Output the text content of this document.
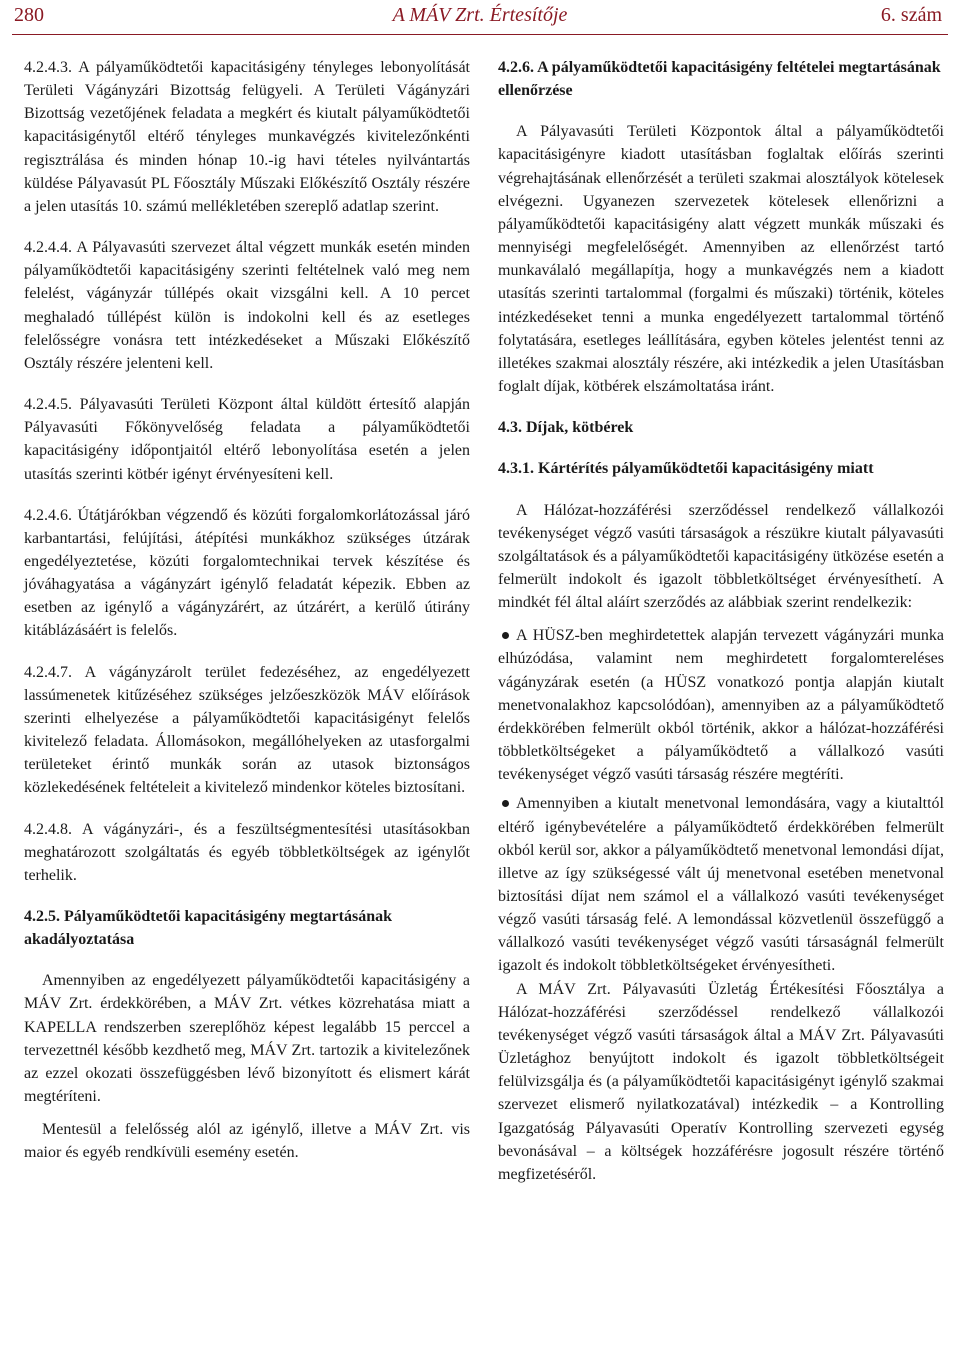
280	A MÁV Zrt. Értesítője	6. szám

4.2.4.3. A pályaműködtetői kapacitásigény tényleges lebonyolítását Területi Vágányzári Bizottság felügyeli. A Területi Vágányzári Bizottság vezetőjének feladata a megkért és kiutalt pályaműködtetői kapacitásigénytől eltérő tényleges munkavégzés kivitelezőnkénti regisztrálása és minden hónap 10.-ig havi tételes nyilvántartás küldése Pályavasút PL Főosztály Műszaki Előkészítő Osztály részére a jelen utasítás 10. számú mellékletében szereplő adatlap szerint.

4.2.4.4. A Pályavasúti szervezet által végzett munkák esetén minden pályaműködtetői kapacitásigény szerinti feltételnek való meg nem felelést, vágányzár túllépés okait vizsgálni kell. A 10 percet meghaladó túllépést külön is indokolni kell és az esetleges felelősségre vonásra tett intézkedéseket a Műszaki Előkészítő Osztály részére jelenteni kell.

4.2.4.5. Pályavasúti Területi Központ által küldött értesítő alapján Pályavasúti Főkönyvelőség feladata a pályaműködtetői kapacitásigény időpontjaitól eltérő lebonyolítása esetén a jelen utasítás szerinti kötbér igényt érvényesíteni kell.

4.2.4.6. Útátjárókban végzendő és közúti forgalomkorlátozással járó karbantartási, felújítási, átépítési munkákhoz szükséges útzárak engedélyeztetése, közúti forgalomtechnikai tervek készítése és jóváhagyatása a vágányzárt igénylő feladatát képezik. Ebben az esetben az igénylő a vágányzárért, az útzárért, a kerülő útirány kitáblázásáért is felelős.

4.2.4.7. A vágányzárolt terület fedezéséhez, az engedélyezett lassúmenetek kitűzéséhez szükséges jelzőeszközök MÁV előírások szerinti elhelyezése a pályaműködtetői kapacitásigényt felelős kivitelező feladata. Állomásokon, megállóhelyeken az utasforgalmi területeket érintő munkák során az utasok biztonságos közlekedésének feltételeit a kivitelező mindenkor köteles biztosítani.

4.2.4.8. A vágányzári-, és a feszültségmentesítési utasításokban meghatározott szolgáltatás és egyéb többletköltségek az igénylőt terhelik.

4.2.5. Pályaműködtetői kapacitásigény megtartásának akadályoztatása

Amennyiben az engedélyezett pályaműködtetői kapacitásigény a MÁV Zrt. érdekkörében, a MÁV Zrt. vétkes közrehatása miatt a KAPELLA rendszerben szereplőhöz képest legalább 15 perccel a tervezettnél később kezdhető meg, MÁV Zrt. tartozik a kivitelezőnek az ezzel okozati összefüggésben lévő bizonyított és elismert kárát megtéríteni.

Mentesül a felelősség alól az igénylő, illetve a MÁV Zrt. vis maior és egyéb rendkívüli esemény esetén.

4.2.6. A pályaműködtetői kapacitásigény feltételei megtartásának ellenőrzése

A Pályavasúti Területi Központok által a pályaműködtetői kapacitásigényre kiadott utasításban foglaltak előírás szerinti végrehajtásának ellenőrzését a területi szakmai alosztályok kötelesek elvégezni. Ugyanezen szervezetek kötelesek ellenőrizni a pályaműködtetői kapacitásigény alatt végzett munkák műszaki és mennyiségi megfelelőségét. Amennyiben az ellenőrzést tartó munkaválaló megállapítja, hogy a munkavégzés nem a kiadott utasítás szerinti tartalommal (forgalmi és műszaki) történik, köteles intézkedéseket tenni a munka engedélyezett tartalommal történő folytatására, esetleges leállítására, egyben köteles jelentést tenni az illetékes szakmai alosztály részére, aki intézkedik a jelen Utasításban foglalt díjak, kötbérek elszámoltatása iránt.

4.3. Díjak, kötbérek

4.3.1. Kártérítés pályaműködtetői kapacitásigény miatt

A Hálózat-hozzáférési szerződéssel rendelkező vállalkozói tevékenységet végző vasúti társaságok a részükre kiutalt pályavasúti szolgáltatások és a pályaműködtetői kapacitásigény ütközése esetén a felmerült indokolt és igazolt többletköltséget érvényesíthetí. A mindkét fél által aláírt szerződés az alábbiak szerint rendelkezik:

A HÜSZ-ben meghirdetettek alapján tervezett vágányzári munka elhúzódása, valamint nem meghirdetett forgalomtereléses vágányzárak esetén (a HÜSZ vonatkozó pontja alapján kiutalt menetvonalakhoz kapcsolódóan), amennyiben az a pályaműködtető érdekkörében felmerült okból történik, akkor a hálózat-hozzáférési többletköltségeket a pályaműködtető a vállalkozó vasúti tevékenységet végző vasúti társaság részére megtéríti.
Amennyiben a kiutalt menetvonal lemondására, vagy a kiutalttól eltérő igénybevételére a pályaműködtető érdekkörében felmerült okból kerül sor, akkor a pályaműködtető menetvonal lemondási díjat, illetve az így szükségessé vált új menetvonal esetében menetvonal biztosítási díjat nem számol el a vállalkozó vasúti tevékenységet végző vasúti társaság felé. A lemondással közvetlenül összefüggő a vállalkozó vasúti tevékenységet végző vasúti társaságnál felmerült igazolt és indokolt többletköltségeket érvényesítheti.

A MÁV Zrt. Pályavasúti Üzletág Értékesítési Főosztálya a Hálózat-hozzáférési szerződéssel rendelkező vállalkozói tevékenységet végző vasúti társaságok által a MÁV Zrt. Pályavasúti Üzletághoz benyújtott indokolt és igazolt többletköltségeit felülvizsgálja és (a pályaműködtetői kapacitásigényt igénylő szakmai szervezet elismerő nyilatkozatával) intézkedik – a Kontrolling Igazgatóság Pályavasúti Operatív Kontrolling szervezeti egység bevonásával – a költségek hozzáférésre jogosult részére történő megfizetéséről.
